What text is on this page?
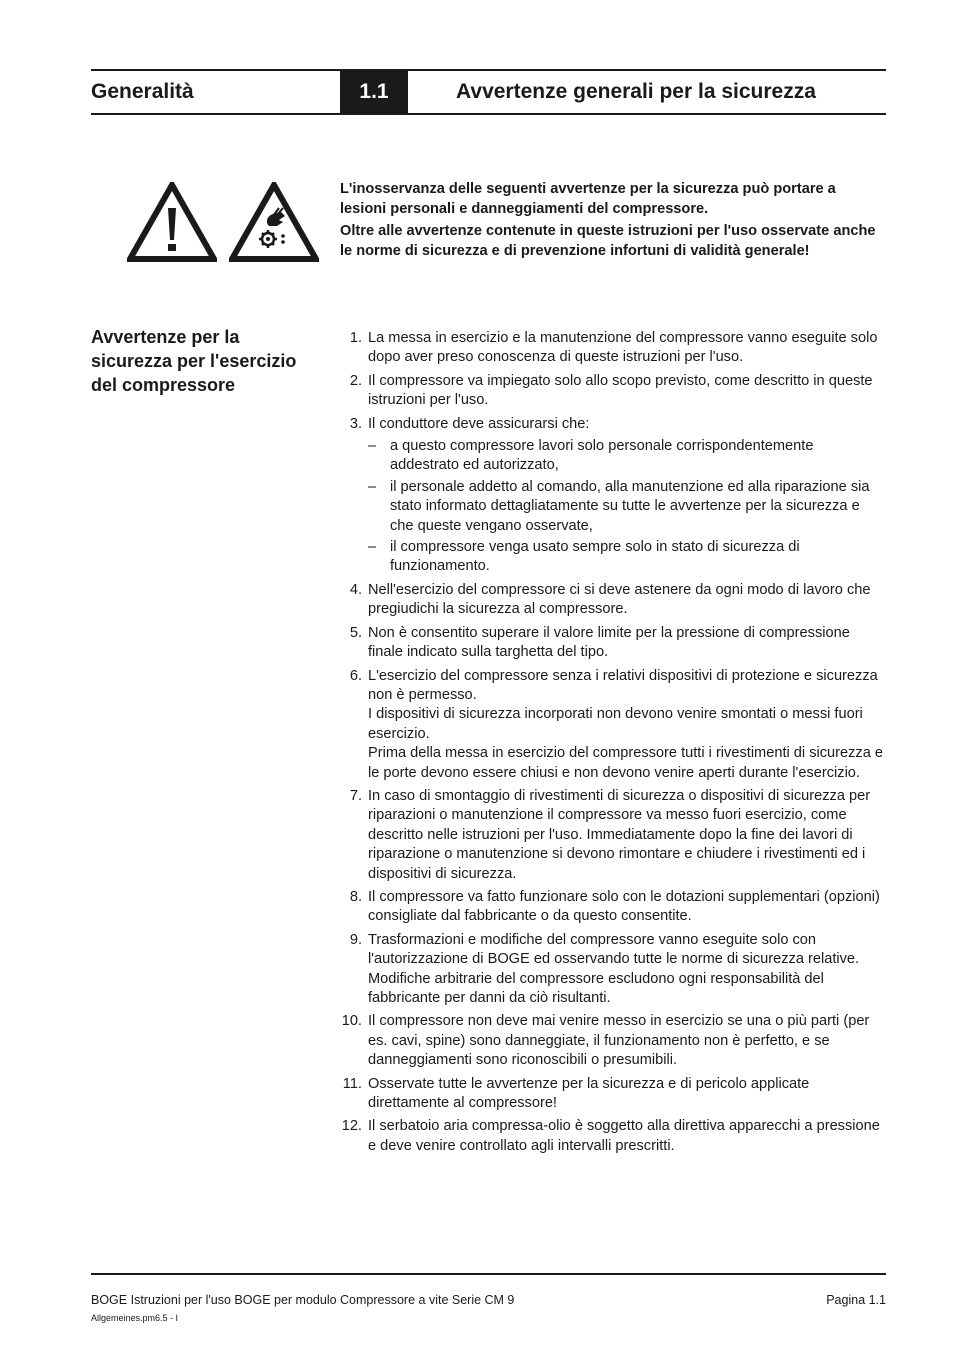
Generalità	1.1	Avvertenze generali per la sicurezza

L'inosservanza delle seguenti avvertenze per la sicurezza può portare a lesioni personali e danneggiamenti del compressore.

Oltre alle avvertenze contenute in queste istruzioni per l'uso osservate anche le norme di sicurezza e di prevenzione infortuni di validità generale!

Avvertenze per la sicurezza per l'esercizio del compressore
1. La messa in esercizio e la manutenzione del compressore vanno eseguite solo dopo aver preso conoscenza di queste istruzioni per l'uso.
2. Il compressore va impiegato solo allo scopo previsto, come descritto in queste istruzioni per l'uso.
3. Il conduttore deve assicurarsi che:
– a questo compressore lavori solo personale corrispondentemente addestrato ed autorizzato,
– il personale addetto al comando, alla manutenzione ed alla riparazione sia stato informato dettagliatamente su tutte le avvertenze per la sicurezza e che queste vengano osservate,
– il compressore venga usato sempre solo in stato di sicurezza di funzionamento.
4. Nell'esercizio del compressore ci si deve astenere da ogni modo di lavoro che pregiudichi la sicurezza al compressore.
5. Non è consentito superare il valore limite per la pressione di compressione finale indicato sulla targhetta del tipo.
6. L'esercizio del compressore senza i relativi dispositivi di protezione e sicurezza non è permesso.
I dispositivi di sicurezza incorporati non devono venire smontati o messi fuori esercizio.
Prima della messa in esercizio del compressore tutti i rivestimenti di sicurezza e le porte devono essere chiusi e non devono venire aperti durante l'esercizio.
7. In caso di smontaggio di rivestimenti di sicurezza o dispositivi di sicurezza per riparazioni o manutenzione il compressore va messo fuori esercizio, come descritto nelle istruzioni per l'uso. Immediatamente dopo la fine dei lavori di riparazione o manutenzione si devono rimontare e chiudere i rivestimenti ed i dispositivi di sicurezza.
8. Il compressore va fatto funzionare solo con le dotazioni supplementari (opzioni) consigliate dal fabbricante o da questo consentite.
9. Trasformazioni e modifiche del compressore vanno eseguite solo con l'autorizzazione di BOGE ed osservando tutte le norme di sicurezza relative.
Modifiche arbitrarie del compressore escludono ogni responsabilità del fabbricante per danni da ciò risultanti.
10. Il compressore non deve mai venire messo in esercizio se una o più parti (per es. cavi, spine) sono danneggiate, il funzionamento non è perfetto, e se danneggiamenti sono riconoscibili o presumibili.
11. Osservate tutte le avvertenze per la sicurezza e di pericolo applicate direttamente al compressore!
12. Il serbatoio aria compressa-olio è soggetto alla direttiva apparecchi a pressione e deve venire controllato agli intervalli prescritti.
BOGE Istruzioni per l'uso BOGE per modulo Compressore a vite Serie CM 9	Pagina 1.1
Allgemeines.pm6.5 - I
